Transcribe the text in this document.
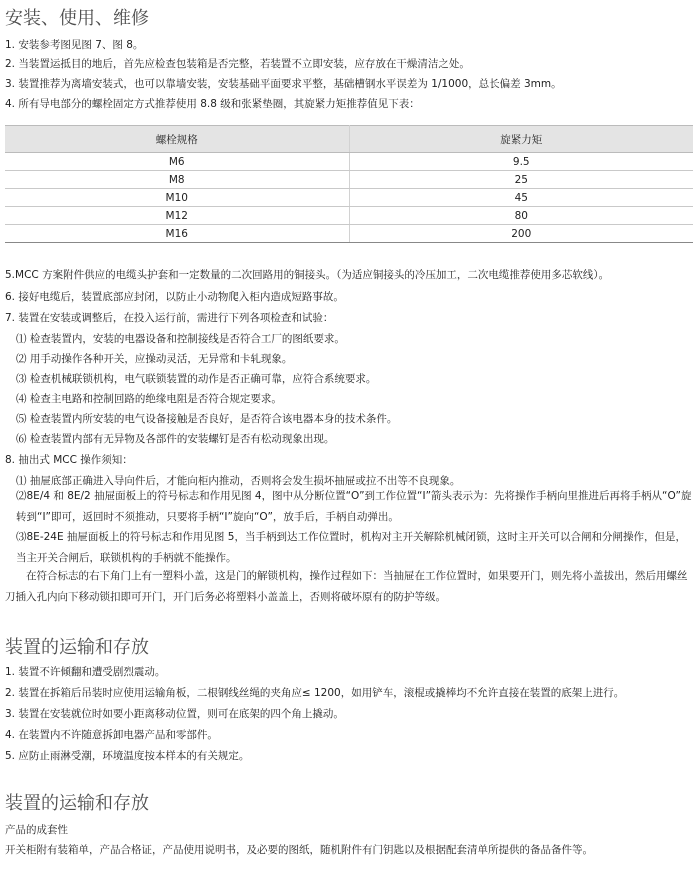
安装、使用、维修

1. 安装参考图见图 7、图 8。

2. 当装置运抵目的地后，首先应检查包装箱是否完整，若装置不立即安装，应存放在干燥清洁之处。

3. 装置推荐为离墙安装式，也可以靠墙安装，安装基础平面要求平整，基础槽钢水平误差为 1/1000，总长偏差 3mm。

4. 所有导电部分的螺栓固定方式推荐使用 8.8 级和张紧垫圈，其旋紧力矩推荐值见下表：

螺栓规格	旋紧力矩
M6	9.5
M8	25
M10	45
M12	80
M16	200

5.MCC 方案附件供应的电缆头护套和一定数量的二次回路用的铜接头。（为适应铜接头的冷压加工，二次电缆推荐使用多芯软线）。

6. 接好电缆后，装置底部应封闭，以防止小动物爬入柜内造成短路事故。

7. 装置在安装或调整后，在投入运行前，需进行下列各项检查和试验：

⑴ 检查装置内，安装的电器设备和控制接线是否符合工厂的图纸要求。

⑵ 用手动操作各种开关，应操动灵活，无异常和卡轧现象。

⑶ 检查机械联锁机构，电气联锁装置的动作是否正确可靠，应符合系统要求。

⑷ 检查主电路和控制回路的绝缘电阻是否符合规定要求。

⑸ 检查装置内所安装的电气设备接触是否良好，是否符合该电器本身的技术条件。

⑹ 检查装置内部有无异物及各部件的安装螺钉是否有松动现象出现。

8. 抽出式 MCC 操作须知：

⑴ 抽屉底部正确进入导向件后，才能向柜内推动，否则将会发生损坏抽屉或拉不出等不良现象。

⑵8E/4 和 8E/2 抽屉面板上的符号标志和作用见图 4，图中从分断位置“O”到工作位置“I”箭头表示为：先将操作手柄向里推进后再将手柄从“O”旋转到“I”即可，返回时不须推动，只要将手柄“I”旋向“O”，放手后，手柄自动弹出。

⑶8E-24E 抽屉面板上的符号标志和作用见图 5，当手柄到达工作位置时，机构对主开关解除机械闭锁，这时主开关可以合闸和分闸操作，但是，当主开关合闸后，联锁机构的手柄就不能操作。

在符合标志的右下角门上有一塑料小盖，这是门的解锁机构，操作过程如下：当抽屉在工作位置时，如果要开门，则先将小盖拔出，然后用螺丝刀插入孔内向下移动锁扣即可开门，开门后务必将塑料小盖盖上，否则将破坏原有的防护等级。

装置的运输和存放

1. 装置不许倾翻和遭受剧烈震动。

2. 装置在拆箱后吊装时应使用运输角板，二根钢线丝绳的夹角应≤ 1200，如用铲车，滚棍或撬棒均不允许直接在装置的底架上进行。

3. 装置在安装就位时如要小距离移动位置，则可在底架的四个角上撬动。

4. 在装置内不许随意拆卸电器产品和零部件。

5. 应防止雨淋受潮，环境温度按本样本的有关规定。

装置的运输和存放

产品的成套性

开关柜附有装箱单，产品合格证，产品使用说明书，及必要的图纸，随机附件有门钥匙以及根据配套清单所提供的备品备件等。
